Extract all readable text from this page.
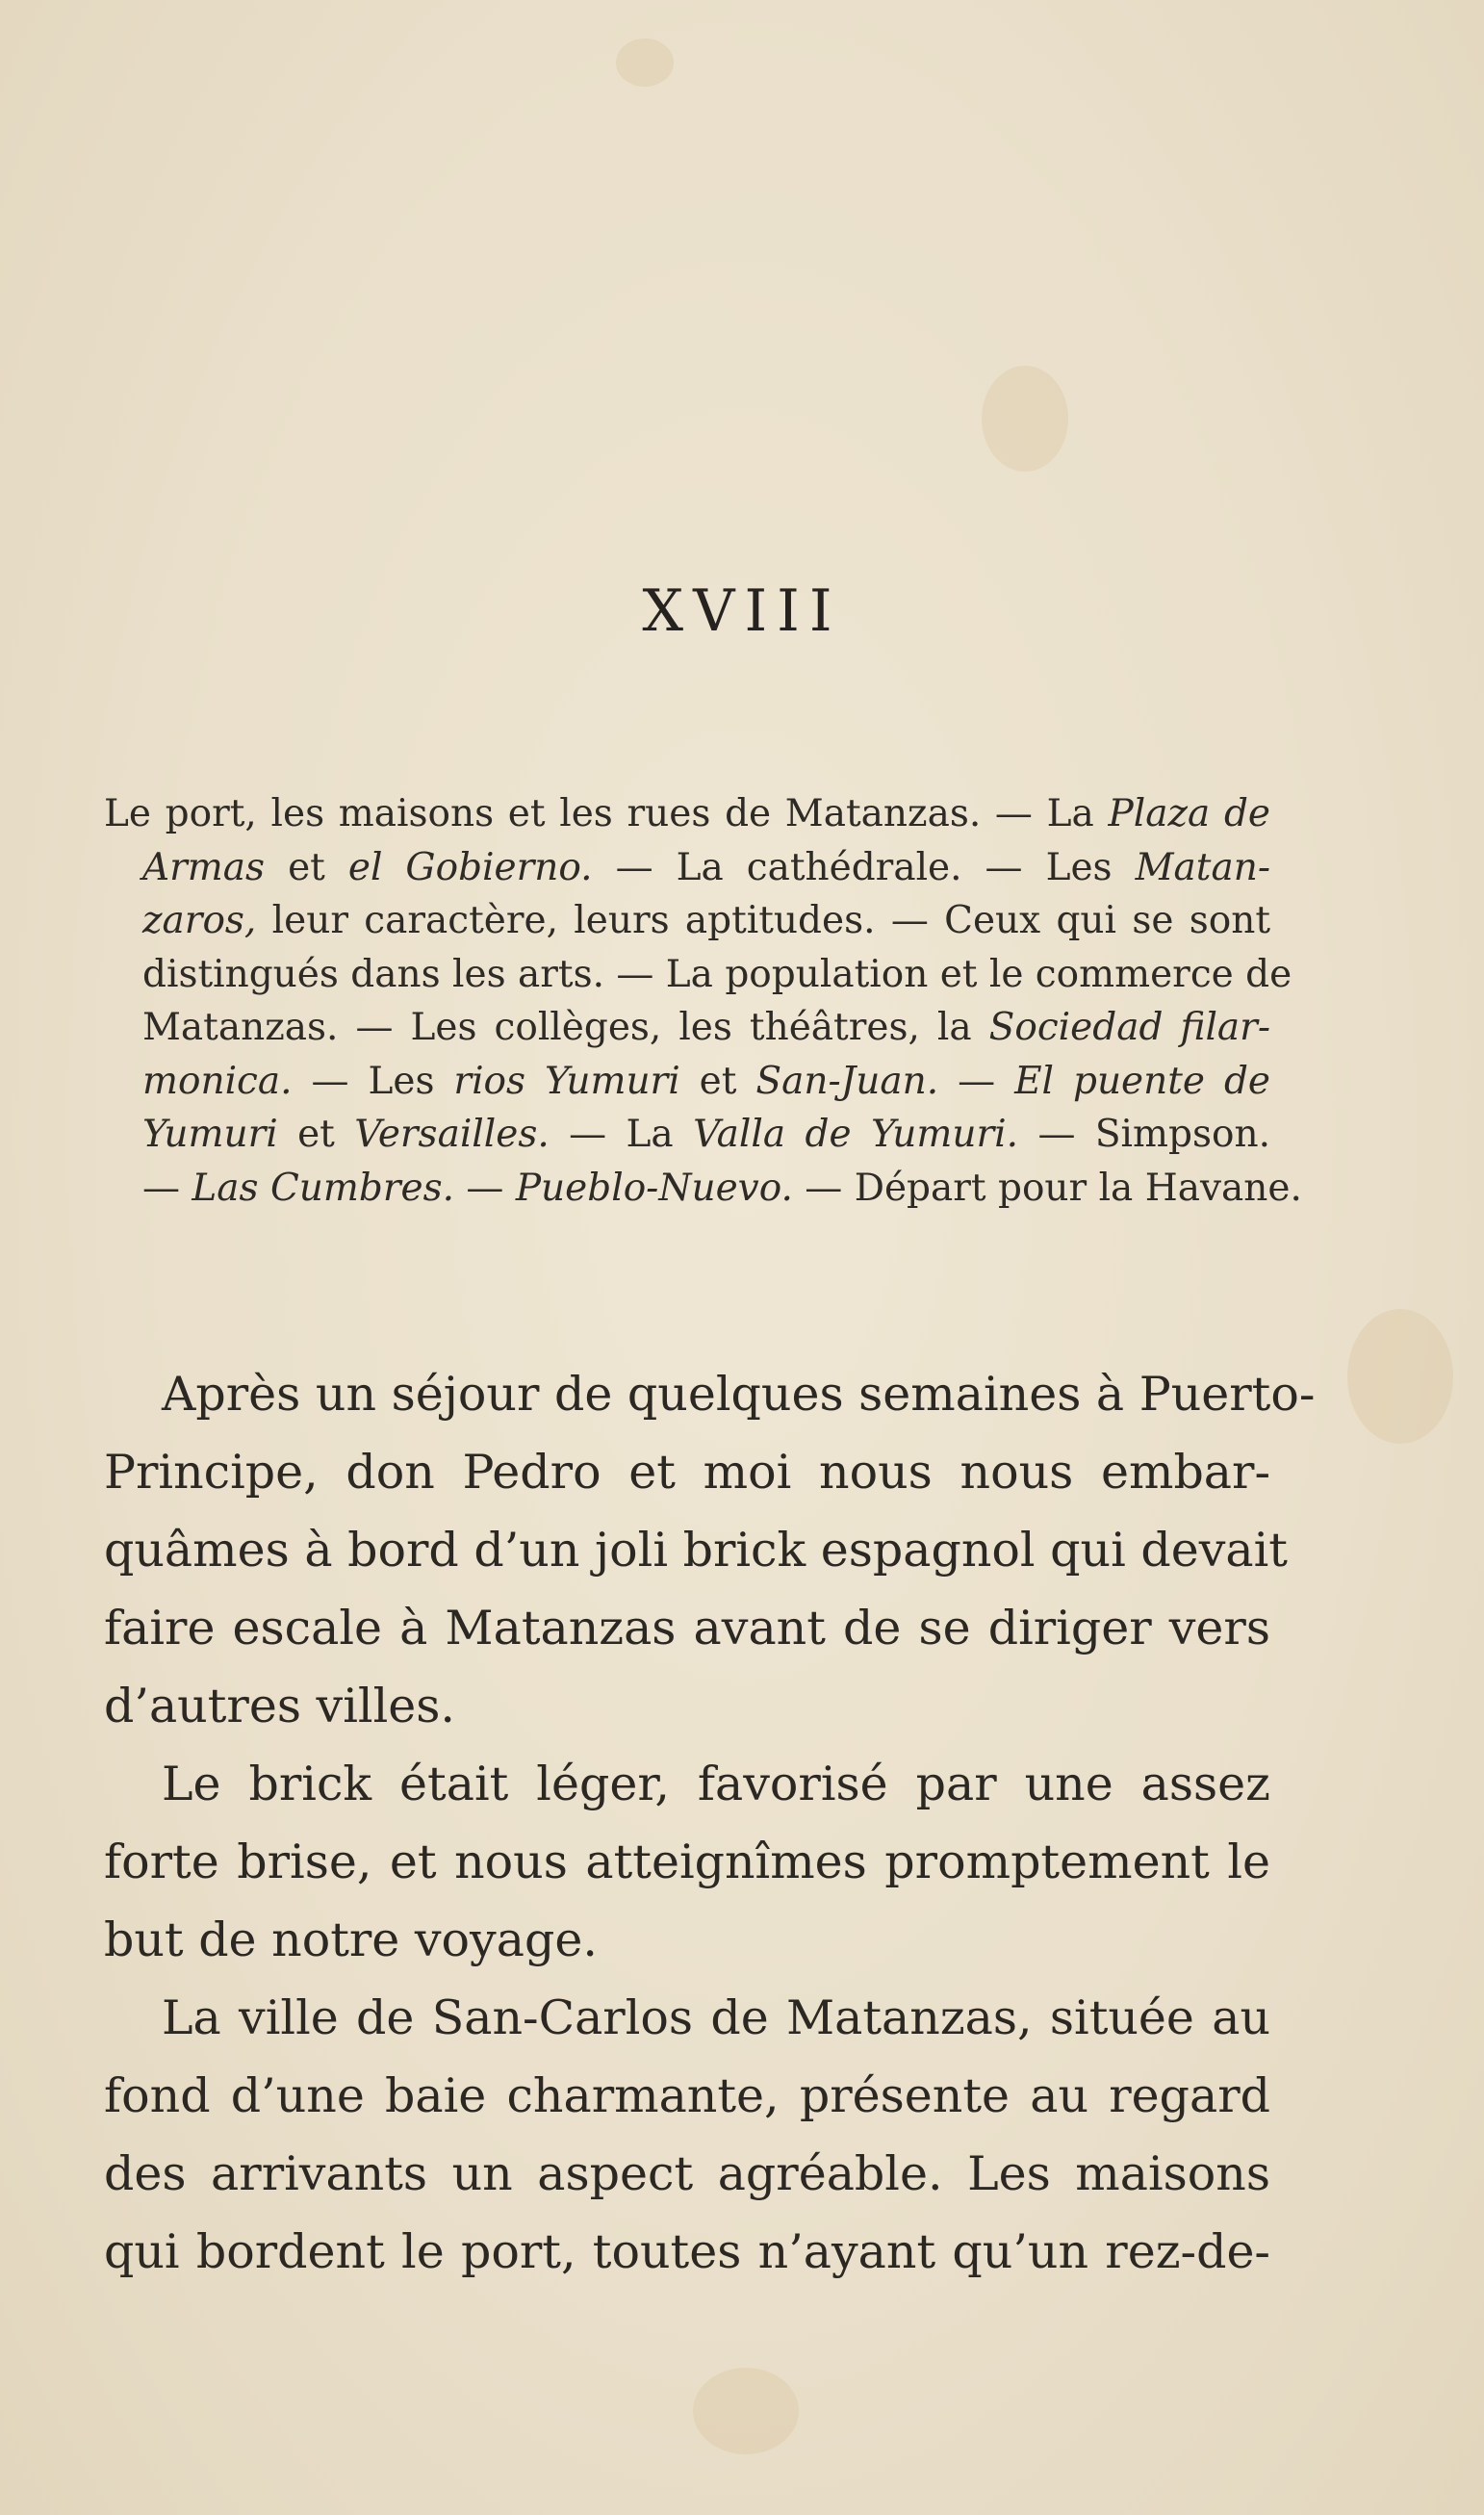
XVIII
Le port, les maisons et les rues de Matanzas. — La Plaza de
Armas et el Gobierno. — La cathédrale. — Les Matan-
zaros, leur caractère, leurs aptitudes. — Ceux qui se sont
distingués dans les arts. — La population et le commerce de
Matanzas. — Les collèges, les théâtres, la Sociedad filar-
monica. — Les rios Yumuri et San-Juan. — El puente de
Yumuri et Versailles. — La Valla de Yumuri. — Simpson.
— Las Cumbres. — Pueblo-Nuevo. — Départ pour la Havane.
Après un séjour de quelques semaines à Puerto-
Principe, don Pedro et moi nous nous embar-
quâmes à bord d’un joli brick espagnol qui devait
faire escale à Matanzas avant de se diriger vers
d’autres villes.
Le brick était léger, favorisé par une assez
forte brise, et nous atteignîmes promptement le
but de notre voyage.
La ville de San-Carlos de Matanzas, située au
fond d’une baie charmante, présente au regard
des arrivants un aspect agréable. Les maisons
qui bordent le port, toutes n’ayant qu’un rez-de-
